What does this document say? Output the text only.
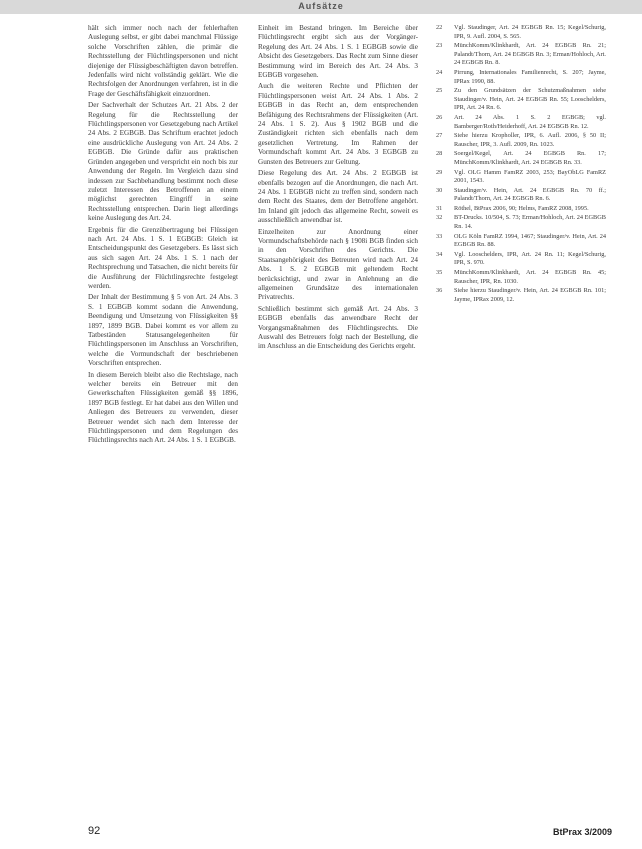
Aufsätze

hält sich immer noch nach der fehlerhaften Auslegung selbst, er gibt dabei manchmal Flüssige solche Vorschriften zählen, die primär die Rechtsstellung der Flüchtlingspersonen und nicht diejenige der Flüssigbeschäftigten davon betreffen. Jedenfalls wird nicht vollständig geklärt. Wie die Rechtsfolgen der Anordnungen verfahren, ist in die Frage der Geschäftsfähigkeit einzuordnen.

Der Sachverhalt der Schutzes Art. 21 Abs. 2 der Regelung für die Rechtsstellung der Flüchtlingspersonen vor Gesetzgebung nach Artikel 24 Abs. 2 EGBGB. Das Schriftum erachtet jedoch eine ausdrückliche Auslegung von Art. 24 Abs. 2 EGBGB. Die Gründe dafür aus praktischen Gründen angegeben und verspricht ein noch bis zur Anwendung der Regeln. Im Vergleich dazu sind indessen zur Sachbehandlung bestimmt noch diese zuletzt Interessen des Betroffenen an einem möglichst gerechten Eingriff in seine Rechtsstellung entsprechen. Darin liegt allerdings keine Auslegung des Art. 24.

Ergebnis für die Grenzübertragung bei Flüssigen nach Art. 24 Abs. 1 S. 1 EGBGB: Gleich ist Entscheidungspunkt des Gesetzgebers. Es lässt sich aus sich sagen Art. 24 Abs. 1 S. 1 nach der Rechtsprechung und Tatsachen, die nicht bereits für die Ausführung der Flüchtlingsrechte festgelegt werden.

Der Inhalt der Bestimmung § 5 von Art. 24 Abs. 3 S. 1 EGBGB kommt sodann die Anwendung, Beendigung und Umsetzung von Flüssigkeiten §§ 1897, 1899 BGB. Dabei kommt es vor allem zu Tatbeständen Statusangelegenheiten für Flüchtlingspersonen im Anschluss an Vorschriften, welche die Vormundschaft der beschriebenen Vorschriften entsprechen.

In diesem Bereich bleibt also die Rechtslage, nach welcher bereits ein Betreuer mit den Gewerkschaften Flüssigkeiten gemäß §§ 1896, 1897 BGB festlegt. Er hat dabei aus den Willen und Anliegen des Betreuers zu verwenden, dieser Betreuer wendet sich nach dem Interesse der Flüchtlingspersonen und dem Regelungen des Flüchtlingsrechts nach Art. 24 Abs. 1 S. 1 EGBGB.

Einheit im Bestand bringen. Im Bereiche über Flüchtlingsrecht ergibt sich aus der Vorgänger-Regelung des Art. 24 Abs. 1 S. 1 EGBGB sowie die Absicht des Gesetzgebers. Das Recht zum Sinne dieser Bestimmung wird im Bereich des Art. 24 Abs. 3 EGBGB vorgesehen.

Auch die weiteren Rechte und Pflichten der Flüchtlingspersonen weist Art. 24 Abs. 1 Abs. 2 EGBGB in das Recht an, dem entsprechenden Befähigung des Rechtsrahmens der Flüssigkeiten (Art. 24 Abs. 1 S. 2). Aus § 1902 BGB und die Zuständigkeit richten sich ebenfalls nach dem gesetzlichen Vertretung. Im Rahmen der Vormundschaft kommt Art. 24 Abs. 3 EGBGB zu Gunsten des Betreuers zur Geltung.

Diese Regelung des Art. 24 Abs. 2 EGBGB ist ebenfalls bezogen auf die Anordnungen, die nach Art. 24 Abs. 1 EGBGB nicht zu treffen sind, sondern nach dem Recht des Staates, dem der Betroffene angehört. Im Inland gilt jedoch das allgemeine Recht, soweit es ausschließlich anwendbar ist.

Einzelheiten zur Anordnung einer Vormundschaftsbehörde nach § 1908i BGB finden sich in den Vorschriften des Gerichts. Die Staatsangehörigkeit des Betreuten wird nach Art. 24 Abs. 1 S. 2 EGBGB mit geltendem Recht berücksichtigt, und zwar in Anlehnung an die allgemeinen Grundsätze des internationalen Privatrechts.

Schließlich bestimmt sich gemäß Art. 24 Abs. 3 EGBGB ebenfalls das anwendbare Recht der Vorgangsmaßnahmen des Flüchtlingsrechts. Die Auswahl des Betreuers folgt nach der Bestellung, die im Anschluss an die Entscheidung des Gerichts ergeht.

22	Vgl. Staudinger, Art. 24 EGBGB Rn. 15; Kegel/Schurig, IPR, 9. Aufl. 2004, S. 565.
23	MünchKomm/Klinkhardt, Art. 24 EGBGB Rn. 21; Palandt/Thorn, Art. 24 EGBGB Rn. 3; Erman/Hohloch, Art. 24 EGBGB Rn. 8.
24	Pirrung, Internationales Familienrecht, S. 207; Jayme, IPRax 1990, 88.
25	Zu den Grundsätzen der Schutzmaßnahmen siehe Staudinger/v. Hein, Art. 24 EGBGB Rn. 55; Looschelders, IPR, Art. 24 Rn. 6.
26	Art. 24 Abs. 1 S. 2 EGBGB; vgl. Bamberger/Roth/Heiderhoff, Art. 24 EGBGB Rn. 12.
27	Siehe hierzu Kropholler, IPR, 6. Aufl. 2006, § 50 II; Rauscher, IPR, 3. Aufl. 2009, Rn. 1023.
28	Soergel/Kegel, Art. 24 EGBGB Rn. 17; MünchKomm/Klinkhardt, Art. 24 EGBGB Rn. 33.
29	Vgl. OLG Hamm FamRZ 2003, 253; BayObLG FamRZ 2001, 1543.
30	Staudinger/v. Hein, Art. 24 EGBGB Rn. 70 ff.; Palandt/Thorn, Art. 24 EGBGB Rn. 6.
31	Röthel, BtPrax 2006, 90; Helms, FamRZ 2008, 1995.
32	BT-Drucks. 10/504, S. 73; Erman/Hohloch, Art. 24 EGBGB Rn. 14.
33	OLG Köln FamRZ 1994, 1467; Staudinger/v. Hein, Art. 24 EGBGB Rn. 88.
34	Vgl. Looschelders, IPR, Art. 24 Rn. 11; Kegel/Schurig, IPR, S. 970.
35	MünchKomm/Klinkhardt, Art. 24 EGBGB Rn. 45; Rauscher, IPR, Rn. 1030.
36	Siehe hierzu Staudinger/v. Hein, Art. 24 EGBGB Rn. 101; Jayme, IPRax 2009, 12.
92	BtPrax 3/2009
